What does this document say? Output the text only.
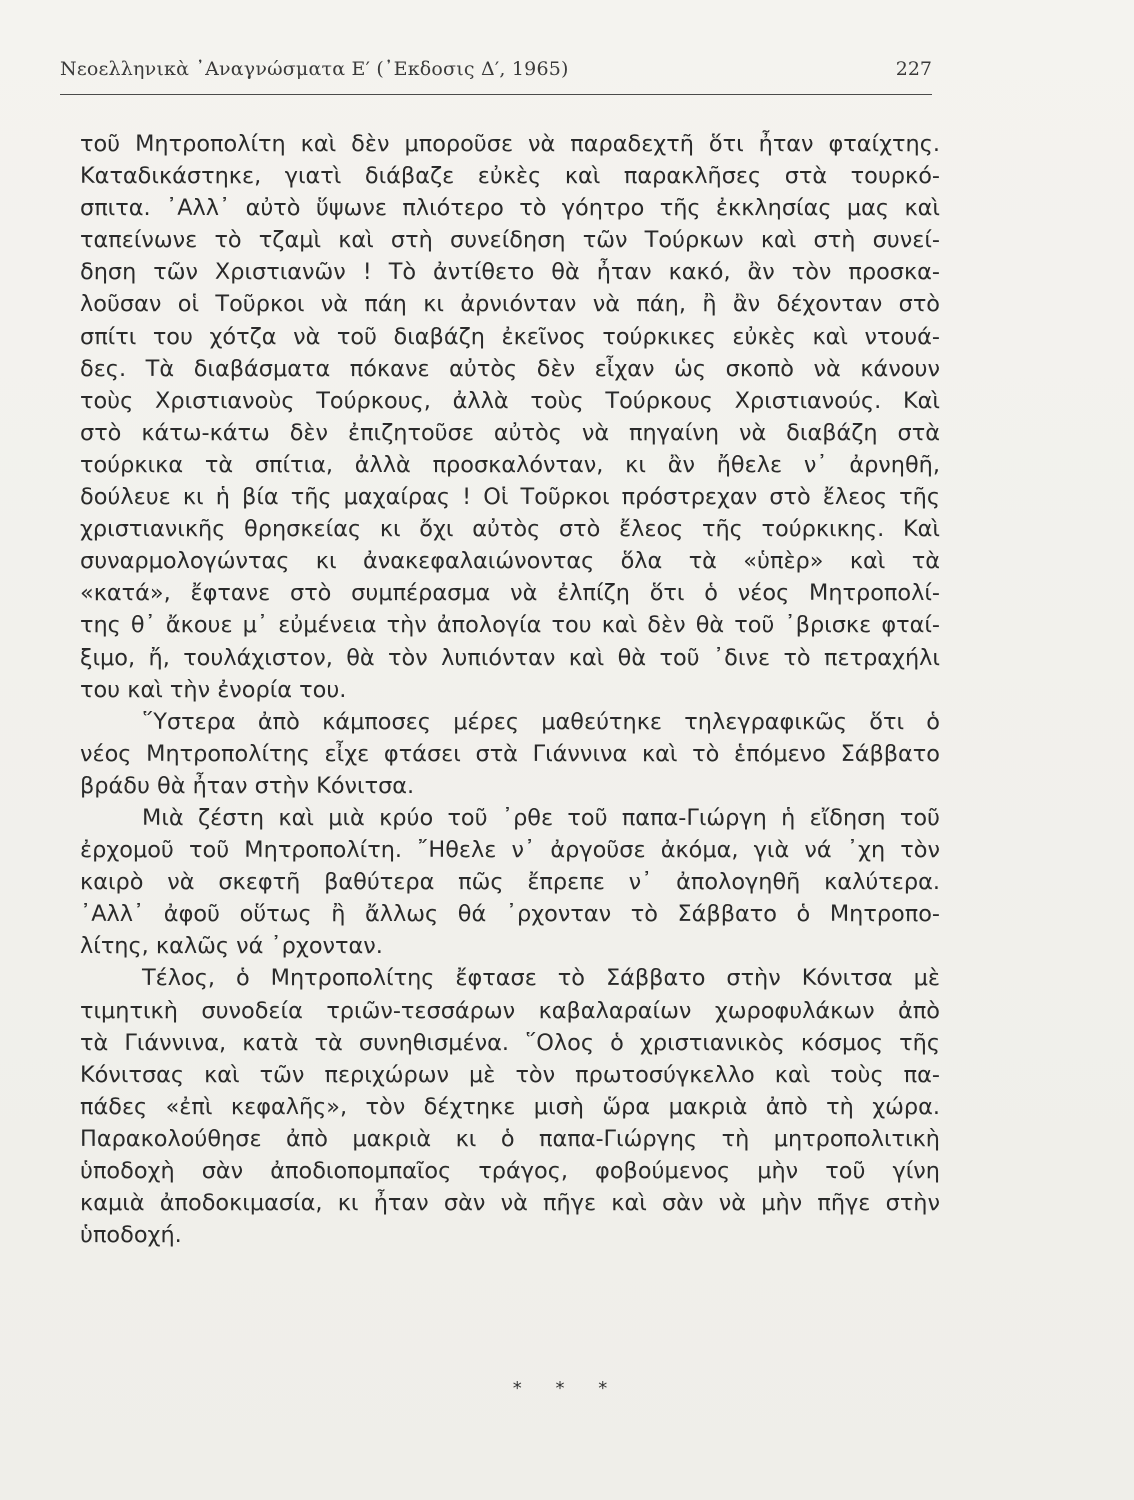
Νεοελληνικὰ ᾿Αναγνώσματα Ε′ (᾿Εκδοσις Δ′, 1965)	227
τοῦ Μητροπολίτη καὶ δὲν μποροῦσε νὰ παραδεχτῆ ὅτι ἦταν φταίχτης.
Καταδικάστηκε, γιατὶ διάβαζε εὐκὲς καὶ παρακλῆσες στὰ τουρκό-
σπιτα. ᾿Αλλ᾿ αὐτὸ ὕψωνε πλιότερο τὸ γόητρο τῆς ἐκκλησίας μας καὶ
ταπείνωνε τὸ τζαμὶ καὶ στὴ συνείδηση τῶν Τούρκων καὶ στὴ συνεί-
δηση τῶν Χριστιανῶν ! Τὸ ἀντίθετο θὰ ἦταν κακό, ἂν τὸν προσκα-
λοῦσαν οἱ Τοῦρκοι νὰ πάη κι ἀρνιόνταν νὰ πάη, ἢ ἂν δέχονταν στὸ
σπίτι του χότζα νὰ τοῦ διαβάζη ἐκεῖνος τούρκικες εὐκὲς καὶ ντουά-
δες. Τὰ διαβάσματα πόκανε αὐτὸς δὲν εἶχαν ὡς σκοπὸ νὰ κάνουν
τοὺς Χριστιανοὺς Τούρκους, ἀλλὰ τοὺς Τούρκους Χριστιανούς. Καὶ
στὸ κάτω-κάτω δὲν ἐπιζητοῦσε αὐτὸς νὰ πηγαίνη νὰ διαβάζη στὰ
τούρκικα τὰ σπίτια, ἀλλὰ προσκαλόνταν, κι ἂν ἤθελε ν᾿ ἀρνηθῆ,
δούλευε κι ἡ βία τῆς μαχαίρας ! Οἱ Τοῦρκοι πρόστρεχαν στὸ ἔλεος τῆς
χριστιανικῆς θρησκείας κι ὄχι αὐτὸς στὸ ἔλεος τῆς τούρκικης. Καὶ
συναρμολογώντας κι ἀνακεφαλαιώνοντας ὅλα τὰ «ὑπὲρ» καὶ τὰ
«κατά», ἔφτανε στὸ συμπέρασμα νὰ ἐλπίζη ὅτι ὁ νέος Μητροπολί-
της θ᾿ ἄκουε μ᾿ εὐμένεια τὴν ἀπολογία του καὶ δὲν θὰ τοῦ ᾿βρισκε φταί-
ξιμο, ἤ, τουλάχιστον, θὰ τὸν λυπιόνταν καὶ θὰ τοῦ ᾿δινε τὸ πετραχήλι
του καὶ τὴν ἐνορία του.
῞Υστερα ἀπὸ κάμποσες μέρες μαθεύτηκε τηλεγραφικῶς ὅτι ὁ
νέος Μητροπολίτης εἶχε φτάσει στὰ Γιάννινα καὶ τὸ ἑπόμενο Σάββατο
βράδυ θὰ ἦταν στὴν Κόνιτσα.
Μιὰ ζέστη καὶ μιὰ κρύο τοῦ ᾿ρθε τοῦ παπα-Γιώργη ἡ εἴδηση τοῦ
ἐρχομοῦ τοῦ Μητροπολίτη. ῎Ηθελε ν᾿ ἀργοῦσε ἀκόμα, γιὰ νά ᾿χη τὸν
καιρὸ νὰ σκεφτῆ βαθύτερα πῶς ἔπρεπε ν᾿ ἀπολογηθῆ καλύτερα.
᾿Αλλ᾿ ἀφοῦ οὕτως ἢ ἄλλως θά ᾿ρχονταν τὸ Σάββατο ὁ Μητροπο-
λίτης, καλῶς νά ᾿ρχονταν.
Τέλος, ὁ Μητροπολίτης ἔφτασε τὸ Σάββατο στὴν Κόνιτσα μὲ
τιμητικὴ συνοδεία τριῶν-τεσσάρων καβαλαραίων χωροφυλάκων ἀπὸ
τὰ Γιάννινα, κατὰ τὰ συνηθισμένα. ῞Ολος ὁ χριστιανικὸς κόσμος τῆς
Κόνιτσας καὶ τῶν περιχώρων μὲ τὸν πρωτοσύγκελλο καὶ τοὺς πα-
πάδες «ἐπὶ κεφαλῆς», τὸν δέχτηκε μισὴ ὥρα μακριὰ ἀπὸ τὴ χώρα.
Παρακολούθησε ἀπὸ μακριὰ κι ὁ παπα-Γιώργης τὴ μητροπολιτικὴ
ὑποδοχὴ σὰν ἀποδιοπομπαῖος τράγος, φοβούμενος μὴν τοῦ γίνη
καμιὰ ἀποδοκιμασία, κι ἦταν σὰν νὰ πῆγε καὶ σὰν νὰ μὴν πῆγε στὴν
ὑποδοχή.
* * *
